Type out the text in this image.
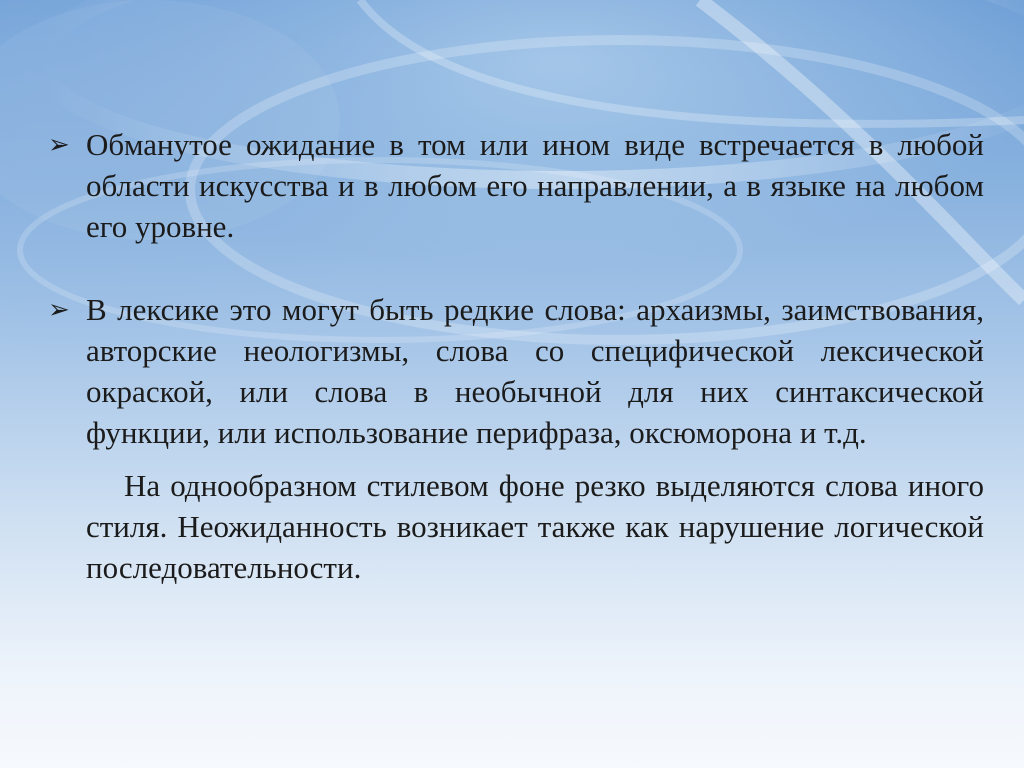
➢ Обманутое ожидание в том или ином виде встречается в любой области искусства и в любом его направлении, а в языке на любом его уровне.
➢ В лексике это могут быть редкие слова: архаизмы, заимствования, авторские неологизмы, слова со специфической лексической окраской, или слова в необычной для них синтаксической функции, или использование перифраза, оксюморона и т.д.
На однообразном стилевом фоне резко выделяются слова иного стиля. Неожиданность возникает также как нарушение логической последовательности.
